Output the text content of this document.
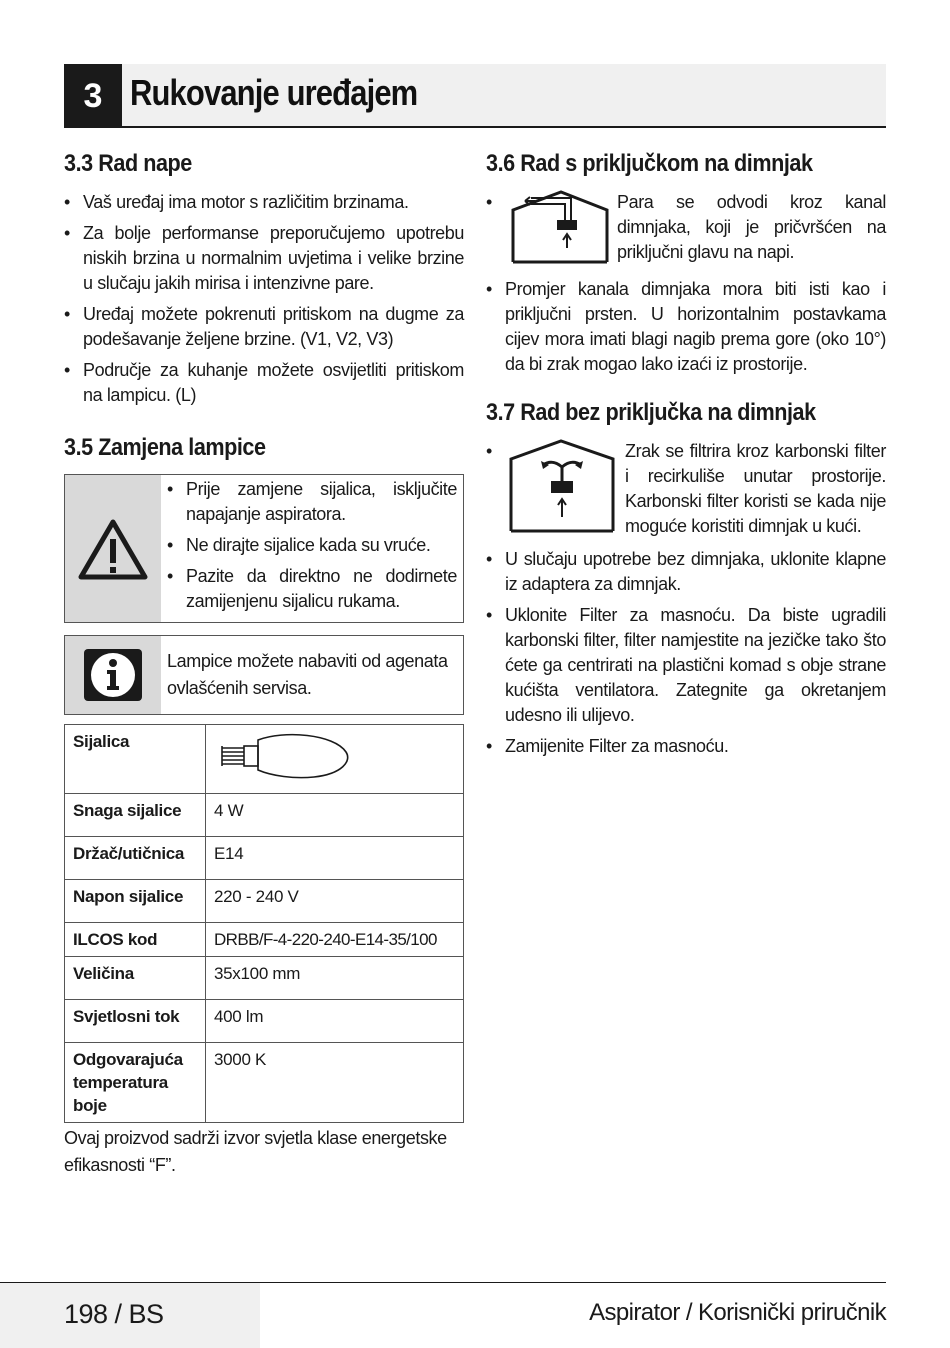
3 Rukovanje uređajem
3.3 Rad nape
• Vaš uređaj ima motor s različitim brzinama.
• Za bolje performanse preporučujemo upotrebu niskih brzina u normalnim uvjetima i velike brzine u slučaju jakih mirisa i intenzivne pare.
• Uređaj možete pokrenuti pritiskom na dugme za podešavanje željene brzine. (V1, V2, V3)
• Područje za kuhanje možete osvijetliti pritiskom na lampicu. (L)
3.5 Zamjena lampice
• Prije zamjene sijalica, isključite napajanje aspiratora.
• Ne dirajte sijalice kada su vruće.
• Pazite da direktno ne dodirnete zamijenjenu sijalicu rukama.
Lampice možete nabaviti od agenata ovlašćenih servisa.
Sijalica	
Snaga sijalice	4 W
Držač/utičnica	E14
Napon sijalice	220 - 240 V
ILCOS kod	DRBB/F-4-220-240-E14-35/100
Veličina	35x100 mm
Svjetlosni tok	400 lm
Odgovarajuća temperatura boje	3000 K
Ovaj proizvod sadrži izvor svjetla klase energetske efikasnosti “F”.
3.6 Rad s priključkom na dimnjak
•	Para se odvodi kroz kanal dimnjaka, koji je pričvršćen na priključni glavu na napi.
• Promjer kanala dimnjaka mora biti isti kao i priključni prsten. U horizontalnim postavkama cijev mora imati blagi nagib prema gore (oko 10°) da bi zrak mogao lako izaći iz prostorije.
3.7 Rad bez priključka na dimnjak
•	Zrak se filtrira kroz karbonski filter i recirkuliše unutar prostorije. Karbonski filter koristi se kada nije moguće koristiti dimnjak u kući.
• U slučaju upotrebe bez dimnjaka, uklonite klapne iz adaptera za dimnjak.
• Uklonite Filter za masnoću. Da biste ugradili karbonski filter, filter namjestite na jezičke tako što ćete ga centrirati na plastični komad s obje strane kućišta ventilatora. Zategnite ga okretanjem udesno ili ulijevo.
• Zamijenite Filter za masnoću.
198 / BS	Aspirator / Korisnički priručnik
